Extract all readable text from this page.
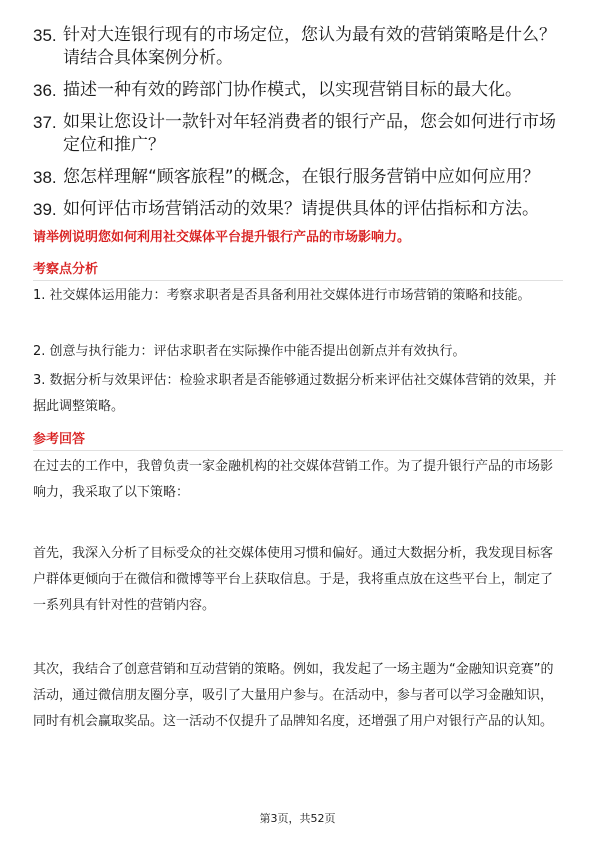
35. 针对大连银行现有的市场定位，您认为最有效的营销策略是什么？请结合具体案例分析。
36. 描述一种有效的跨部门协作模式，以实现营销目标的最大化。
37. 如果让您设计一款针对年轻消费者的银行产品，您会如何进行市场定位和推广？
38. 您怎样理解“顾客旅程”的概念，在银行服务营销中应如何应用？
39. 如何评估市场营销活动的效果？请提供具体的评估指标和方法。
请举例说明您如何利用社交媒体平台提升银行产品的市场影响力。
考察点分析
1. 社交媒体运用能力：考察求职者是否具备利用社交媒体进行市场营销的策略和技能。
2. 创意与执行能力：评估求职者在实际操作中能否提出创新点并有效执行。
3. 数据分析与效果评估：检验求职者是否能够通过数据分析来评估社交媒体营销的效果，并据此调整策略。
参考回答
在过去的工作中，我曾负责一家金融机构的社交媒体营销工作。为了提升银行产品的市场影响力，我采取了以下策略：
首先，我深入分析了目标受众的社交媒体使用习惯和偏好。通过大数据分析，我发现目标客户群体更倾向于在微信和微博等平台上获取信息。于是，我将重点放在这些平台上，制定了一系列具有针对性的营销内容。
其次，我结合了创意营销和互动营销的策略。例如，我发起了一场主题为“金融知识竞赛”的活动，通过微信朋友圈分享，吸引了大量用户参与。在活动中，参与者可以学习金融知识，同时有机会赢取奖品。这一活动不仅提升了品牌知名度，还增强了用户对银行产品的认知。
第3页，共52页
